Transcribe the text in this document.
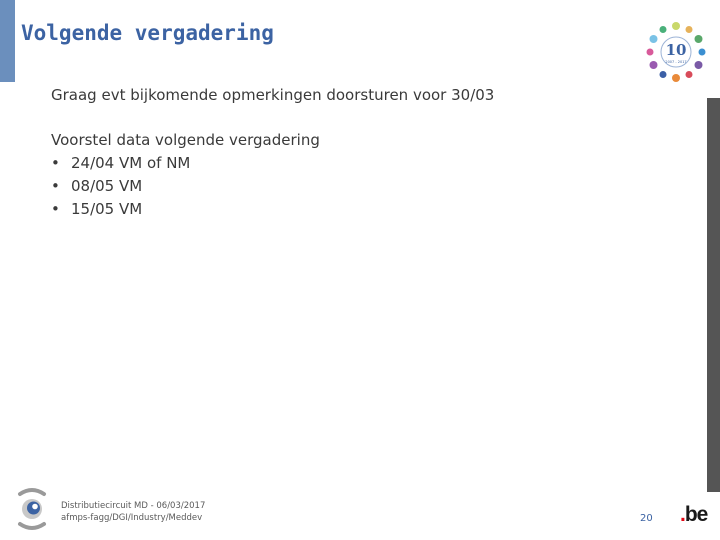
Volgende vergadering
10
2007 - 2017

Graag evt bijkomende opmerkingen doorsturen voor 30/03

Voorstel data volgende vergadering

• 24/04 VM of NM
• 08/05 VM
• 15/05 VM
Distributiecircuit MD - 06/03/2017
afmps-fagg/DGI/Industry/Meddev	20 .be
